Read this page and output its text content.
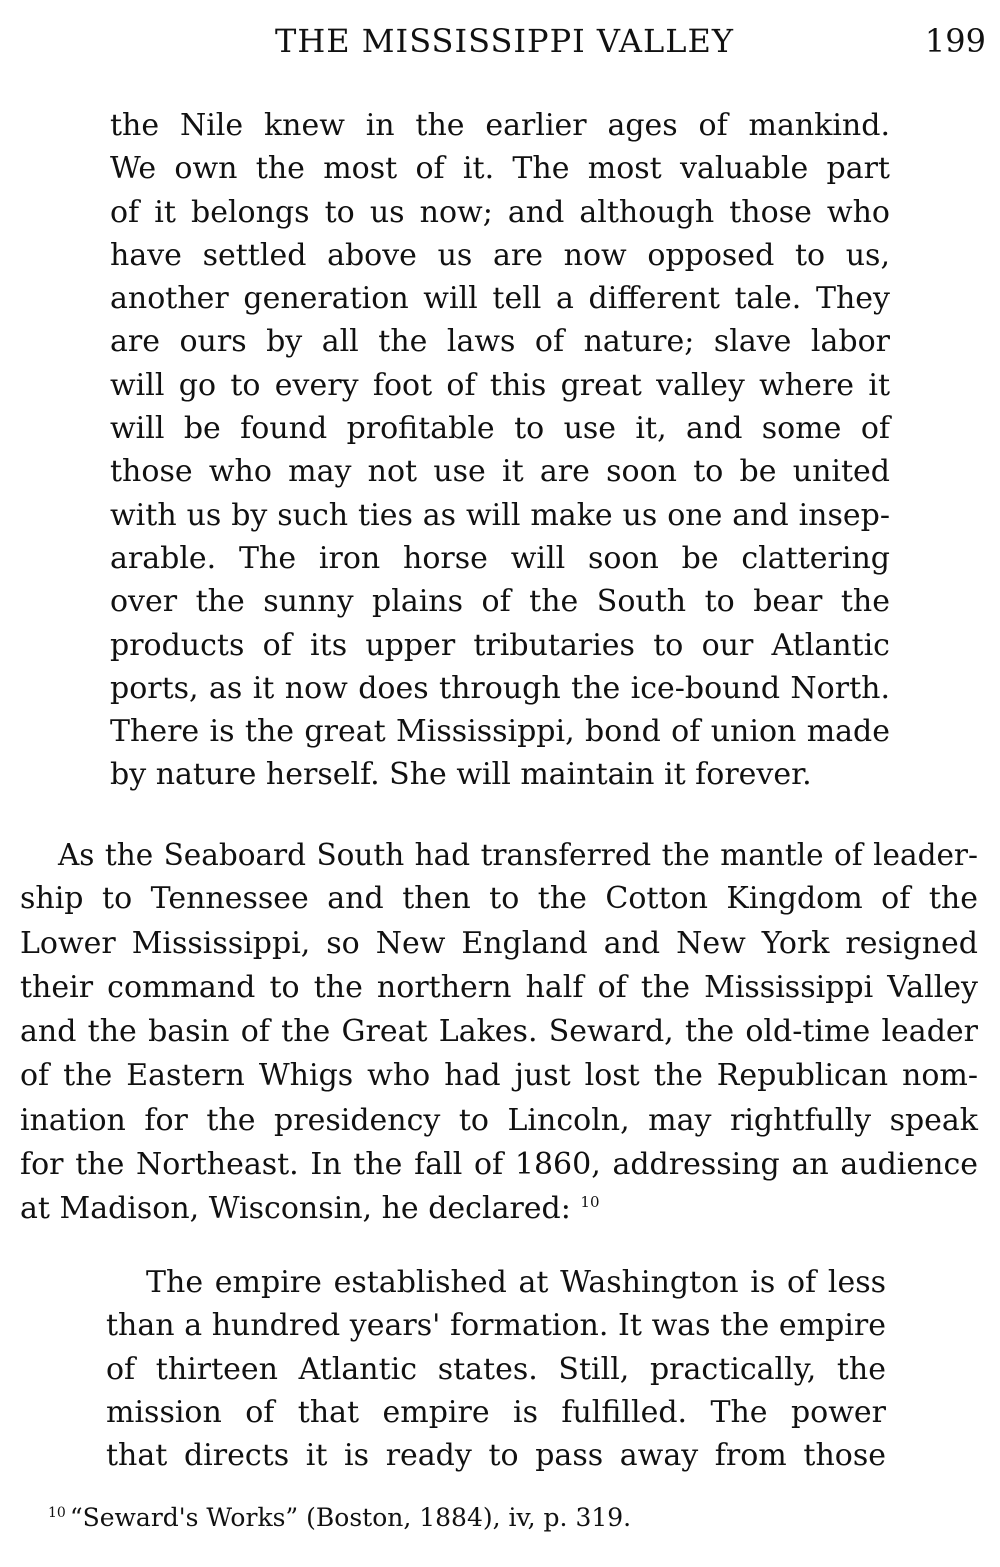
THE MISSISSIPPI VALLEY	199
the Nile knew in the earlier ages of mankind.
We own the most of it. The most valuable part
of it belongs to us now; and although those who
have settled above us are now opposed to us,
another generation will tell a different tale. They
are ours by all the laws of nature; slave labor
will go to every foot of this great valley where it
will be found profitable to use it, and some of
those who may not use it are soon to be united
with us by such ties as will make us one and insep-
arable. The iron horse will soon be clattering
over the sunny plains of the South to bear the
products of its upper tributaries to our Atlantic
ports, as it now does through the ice-bound North.
There is the great Mississippi, bond of union made
by nature herself. She will maintain it forever.
As the Seaboard South had transferred the mantle of leader-
ship to Tennessee and then to the Cotton Kingdom of the
Lower Mississippi, so New England and New York resigned
their command to the northern half of the Mississippi Valley
and the basin of the Great Lakes. Seward, the old-time leader
of the Eastern Whigs who had just lost the Republican nom-
ination for the presidency to Lincoln, may rightfully speak
for the Northeast. In the fall of 1860, addressing an audience
at Madison, Wisconsin, he declared: $^{10}$
The empire established at Washington is of less
than a hundred years' formation. It was the empire
of thirteen Atlantic states. Still, practically, the
mission of that empire is fulfilled. The power
that directs it is ready to pass away from those
$^{10}$ “Seward's Works” (Boston, 1884), iv, p. 319.
